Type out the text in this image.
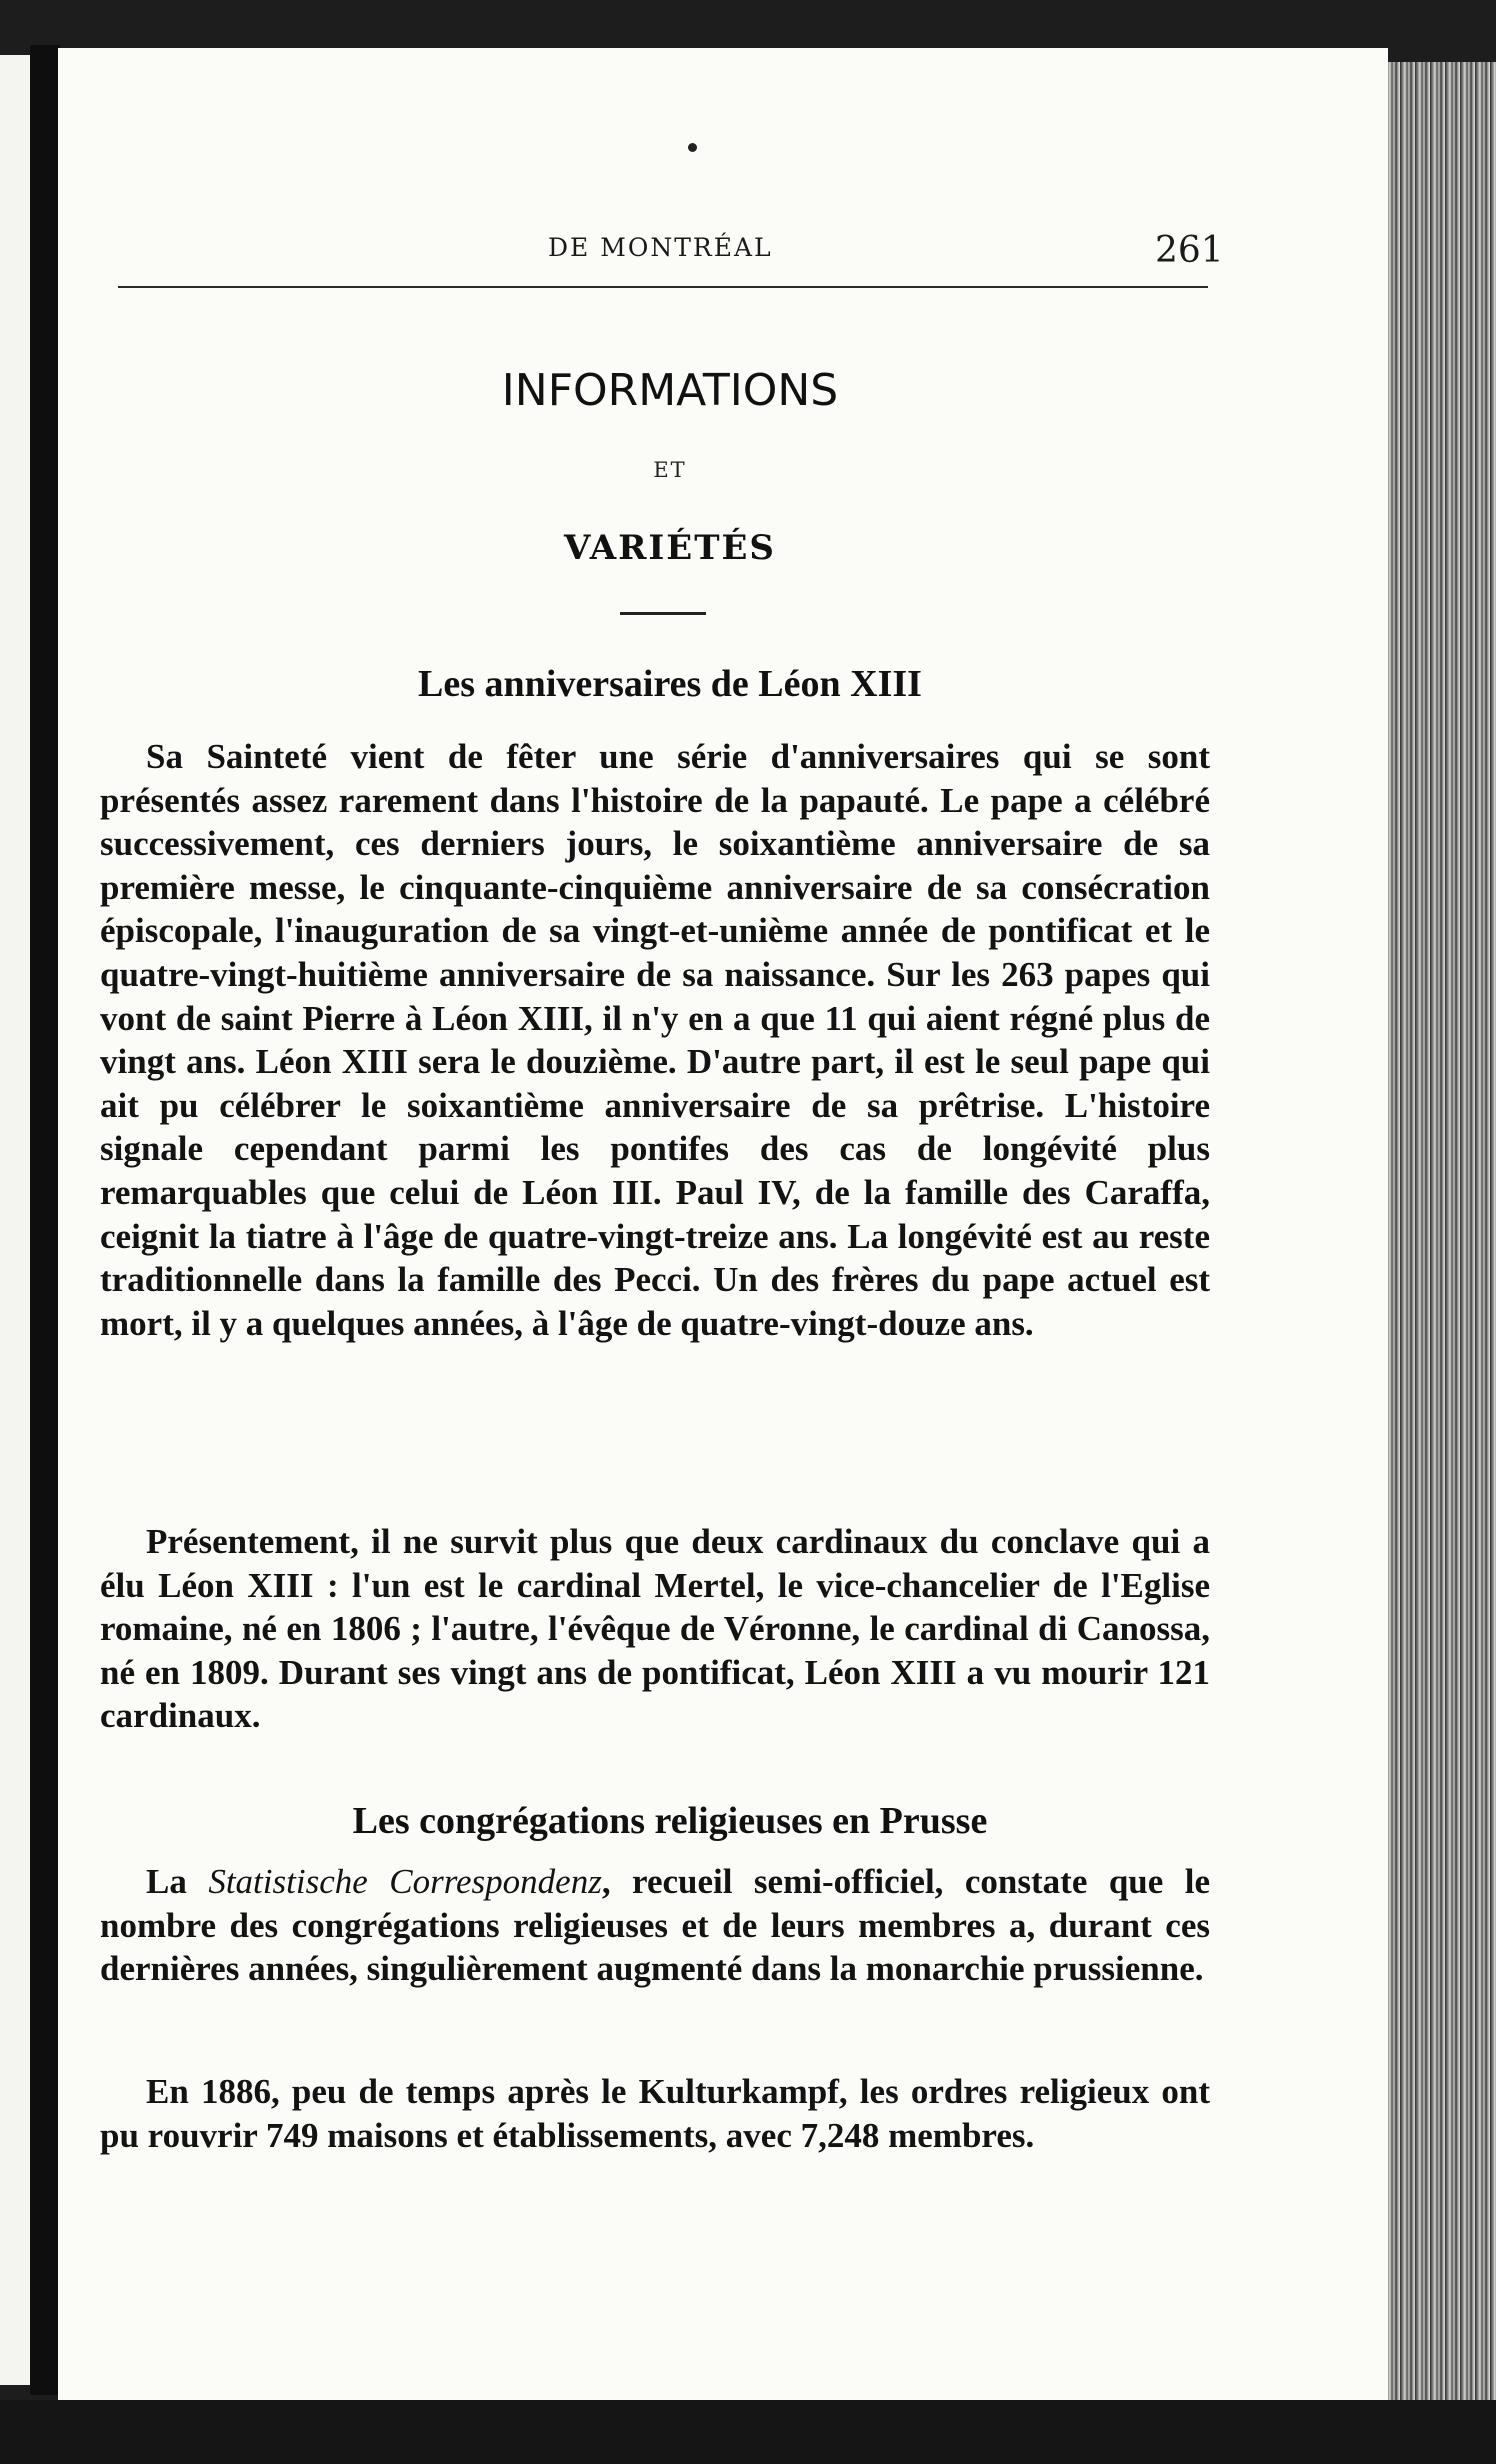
DE MONTRÉAL	261
INFORMATIONS
ET
VARIÉTÉS
Les anniversaires de Léon XIII

Sa Sainteté vient de fêter une série d'anniversaires qui se sont présentés assez rarement dans l'histoire de la papauté. Le pape a célébré successivement, ces derniers jours, le soixantième anniversaire de sa première messe, le cinquante-cinquième anniversaire de sa consécration épiscopale, l'inauguration de sa vingt-et-unième année de pontificat et le quatre-vingt-huitième anniversaire de sa naissance. Sur les 263 papes qui vont de saint Pierre à Léon XIII, il n'y en a que 11 qui aient régné plus de vingt ans. Léon XIII sera le douzième. D'autre part, il est le seul pape qui ait pu célébrer le soixantième anniversaire de sa prêtrise. L'histoire signale cependant parmi les pontifes des cas de longévité plus remarquables que celui de Léon III. Paul IV, de la famille des Caraffa, ceignit la tiatre à l'âge de quatre-vingt-treize ans. La longévité est au reste traditionnelle dans la famille des Pecci. Un des frères du pape actuel est mort, il y a quelques années, à l'âge de quatre-vingt-douze ans.

Présentement, il ne survit plus que deux cardinaux du conclave qui a élu Léon XIII : l'un est le cardinal Mertel, le vice-chancelier de l'Eglise romaine, né en 1806 ; l'autre, l'évêque de Véronne, le cardinal di Canossa, né en 1809. Durant ses vingt ans de pontificat, Léon XIII a vu mourir 121 cardinaux.

Les congrégations religieuses en Prusse

La Statistische Correspondenz, recueil semi-officiel, constate que le nombre des congrégations religieuses et de leurs membres a, durant ces dernières années, singulièrement augmenté dans la monarchie prussienne.

En 1886, peu de temps après le Kulturkampf, les ordres religieux ont pu rouvrir 749 maisons et établissements, avec 7,248 membres.
